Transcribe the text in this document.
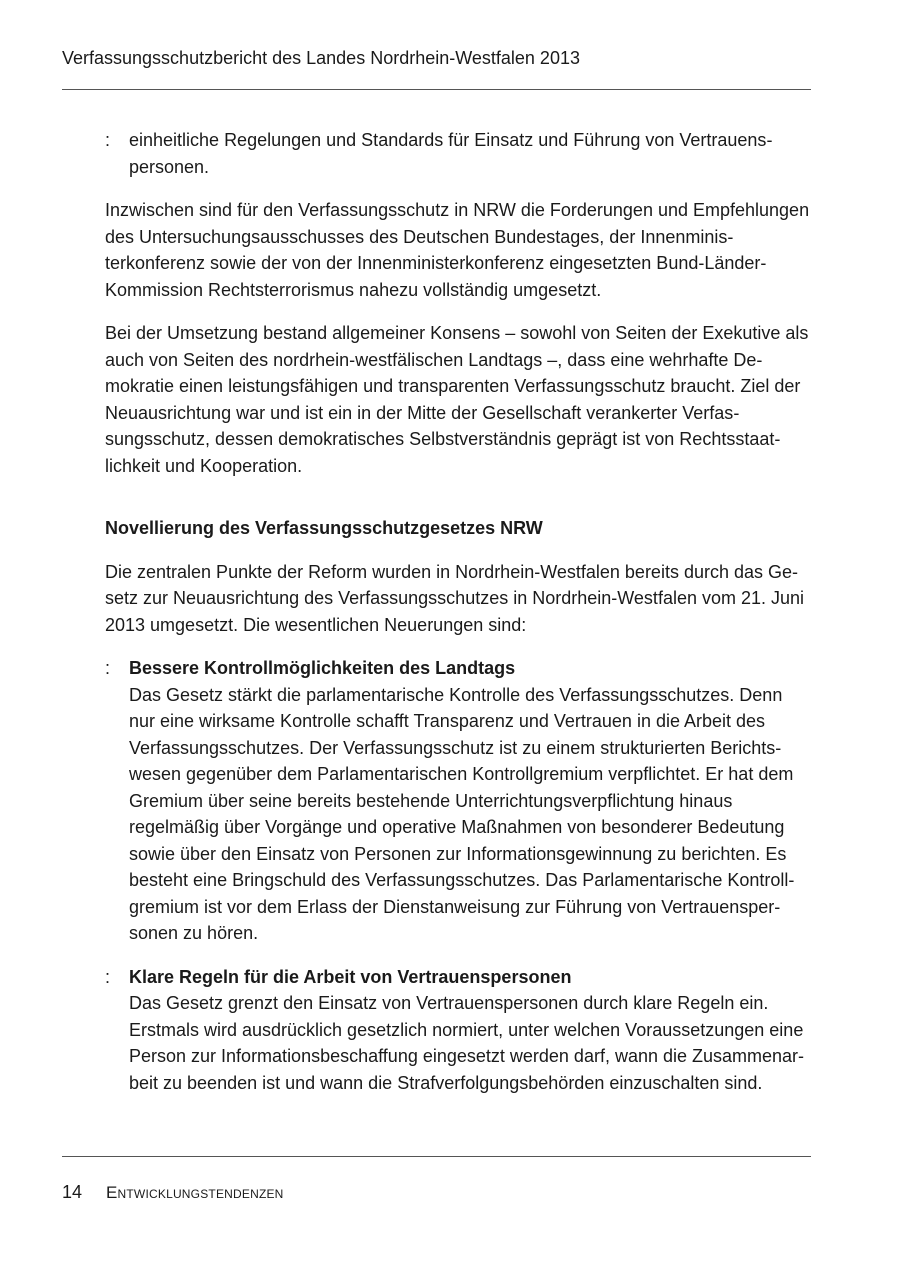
Verfassungsschutzbericht des Landes Nordrhein-Westfalen 2013
: einheitliche Regelungen und Standards für Einsatz und Führung von Vertrauenspersonen.

Inzwischen sind für den Verfassungsschutz in NRW die Forderungen und Empfehlungen des Untersuchungsausschusses des Deutschen Bundestages, der Innenministerkonferenz sowie der von der Innenministerkonferenz eingesetzten Bund-Länder-Kommission Rechtsterrorismus nahezu vollständig umgesetzt.

Bei der Umsetzung bestand allgemeiner Konsens – sowohl von Seiten der Exekutive als auch von Seiten des nordrhein-westfälischen Landtags –, dass eine wehrhafte Demokratie einen leistungsfähigen und transparenten Verfassungsschutz braucht. Ziel der Neuausrichtung war und ist ein in der Mitte der Gesellschaft verankerter Verfassungsschutz, dessen demokratisches Selbstverständnis geprägt ist von Rechtsstaatlichkeit und Kooperation.

Novellierung des Verfassungsschutzgesetzes NRW

Die zentralen Punkte der Reform wurden in Nordrhein-Westfalen bereits durch das Gesetz zur Neuausrichtung des Verfassungsschutzes in Nordrhein-Westfalen vom 21. Juni 2013 umgesetzt. Die wesentlichen Neuerungen sind:

: Bessere Kontrollmöglichkeiten des Landtags
Das Gesetz stärkt die parlamentarische Kontrolle des Verfassungsschutzes. Denn nur eine wirksame Kontrolle schafft Transparenz und Vertrauen in die Arbeit des Verfassungsschutzes. Der Verfassungsschutz ist zu einem strukturierten Berichtswesen gegenüber dem Parlamentarischen Kontrollgremium verpflichtet. Er hat dem Gremium über seine bereits bestehende Unterrichtungsverpflichtung hinaus regelmäßig über Vorgänge und operative Maßnahmen von besonderer Bedeutung sowie über den Einsatz von Personen zur Informationsgewinnung zu berichten. Es besteht eine Bringschuld des Verfassungsschutzes. Das Parlamentarische Kontrollgremium ist vor dem Erlass der Dienstanweisung zur Führung von Vertrauenspersonen zu hören.
: Klare Regeln für die Arbeit von Vertrauenspersonen
Das Gesetz grenzt den Einsatz von Vertrauenspersonen durch klare Regeln ein. Erstmals wird ausdrücklich gesetzlich normiert, unter welchen Voraussetzungen eine Person zur Informationsbeschaffung eingesetzt werden darf, wann die Zusammenarbeit zu beenden ist und wann die Strafverfolgungsbehörden einzuschalten sind.
14 Entwicklungstendenzen
